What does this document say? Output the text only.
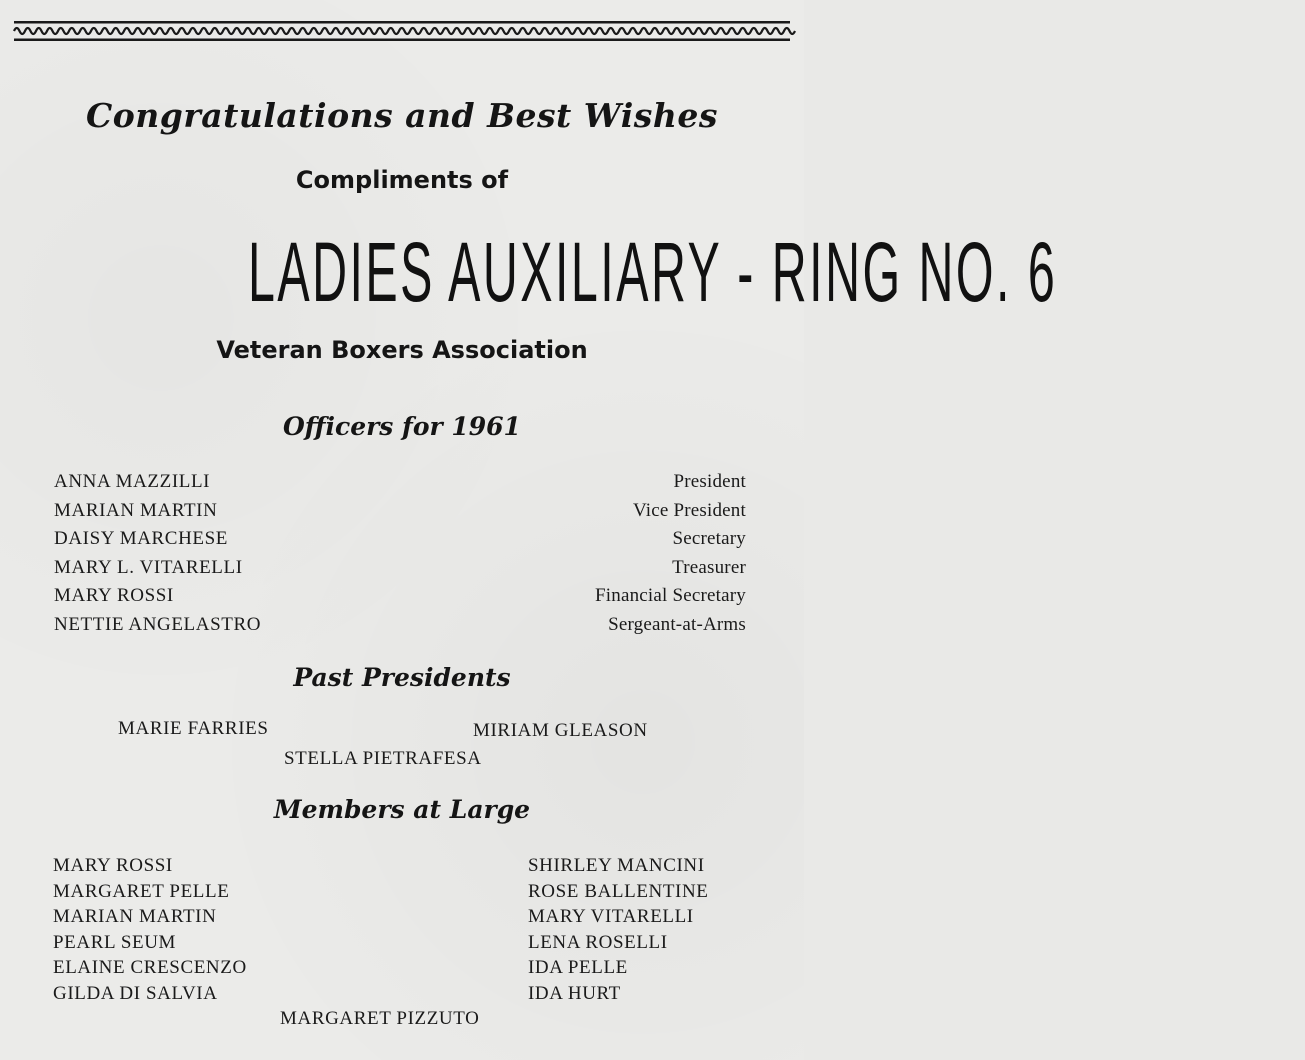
Congratulations and Best Wishes
Compliments of
LADIES AUXILIARY - RING NO. 6
Veteran Boxers Association
Officers for 1961
ANNA MAZZILLI
MARIAN MARTIN
DAISY MARCHESE
MARY L. VITARELLI
MARY ROSSI
NETTIE ANGELASTRO
President
Vice President
Secretary
Treasurer
Financial Secretary
Sergeant-at-Arms
Past Presidents
MARIE FARRIES	MIRIAM GLEASON
STELLA PIETRAFESA
Members at Large
MARY ROSSI
MARGARET PELLE
MARIAN MARTIN
PEARL SEUM
ELAINE CRESCENZO
GILDA DI SALVIA
SHIRLEY MANCINI
ROSE BALLENTINE
MARY VITARELLI
LENA ROSELLI
IDA PELLE
IDA HURT
MARGARET PIZZUTO
